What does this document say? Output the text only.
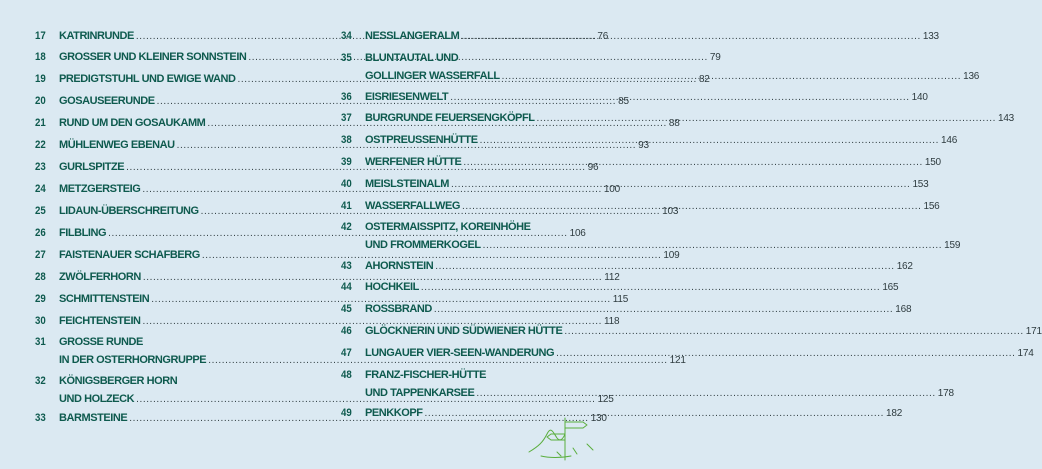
17	KATRINRUNDE .....	76
18	GROSSER UND KLEINER SONNSTEIN .....	79
19	PREDIGTSTUHL UND EWIGE WAND .....	82
20	GOSAUSEERUNDE .....	85
21	RUND UM DEN GOSAUKAMM .....	88
22	MÜHLENWEG EBENAU .....	93
23	GURLSPITZE .....	96
24	METZGERSTEIG .....	100
25	LIDAUN-ÜBERSCHREITUNG .....	103
26	FILBLING .....	106
27	FAISTENAUER SCHAFBERG .....	109
28	ZWÖLFERHORN .....	112
29	SCHMITTENSTEIN .....	115
30	FEICHTENSTEIN .....	118
31	GROSSE RUNDE
IN DER OSTERHORNGRUPPE .....	121
32	KÖNIGSBERGER HORN
UND HOLZECK .....	125
33	BARMSTEINE .....	130
34	NESSLANGERALM .....	133
35	BLUNTAUTAL UND
GOLLINGER WASSERFALL .....	136
36	EISRIESENWELT .....	140
37	BURGRUNDE FEUERSENGKÖPFL .....	143
38	OSTPREUSSENHÜTTE .....	146
39	WERFENER HÜTTE .....	150
40	MEISLSTEINALM .....	153
41	WASSERFALLWEG .....	156
42	OSTERMAISSPITZ, KOREINHÖHE
UND FROMMERKOGEL .....	159
43	AHORNSTEIN .....	162
44	HOCHKEIL .....	165
45	ROSSBRAND .....	168
46	GLÖCKNERIN UND SÜDWIENER HÜTTE .....	171
47	LUNGAUER VIER-SEEN-WANDERUNG .....	174
48	FRANZ-FISCHER-HÜTTE
UND TAPPENKARSEE .....	178
49	PENKKOPF .....	182
